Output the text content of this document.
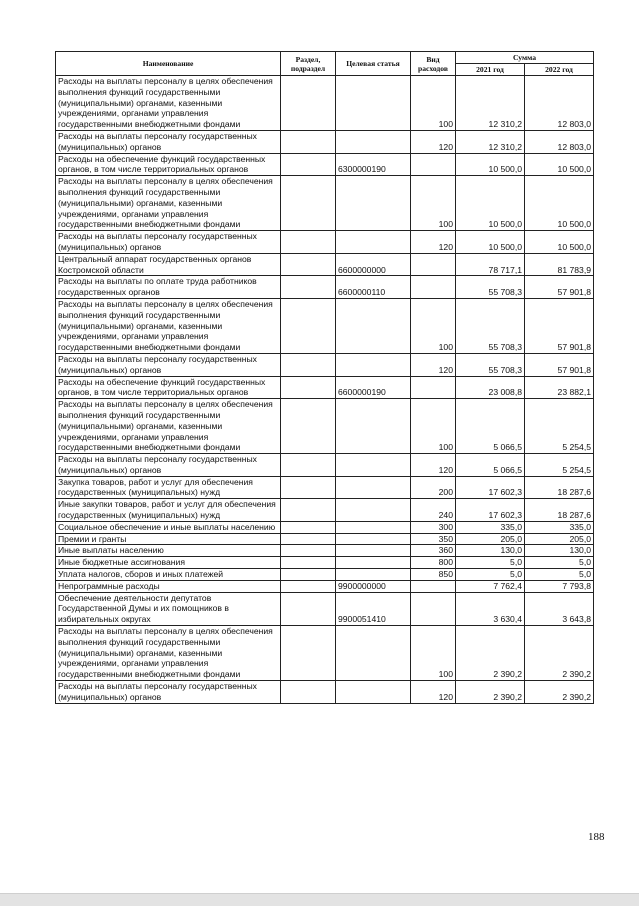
Наименование	Раздел, подраздел	Целевая статья	Вид расходов	Сумма	
				2021 год	2022 год
Расходы на выплаты персоналу в целях обеспечения выполнения функций государственными (муниципальными) органами, казенными учреждениями, органами управления государственными внебюджетными фондами			100	12 310,2	12 803,0
Расходы на выплаты персоналу государственных (муниципальных) органов			120	12 310,2	12 803,0
Расходы на обеспечение функций государственных органов, в том числе территориальных органов		6300000190		10 500,0	10 500,0
Расходы на выплаты персоналу в целях обеспечения выполнения функций государственными (муниципальными) органами, казенными учреждениями, органами управления государственными внебюджетными фондами			100	10 500,0	10 500,0
Расходы на выплаты персоналу государственных (муниципальных) органов			120	10 500,0	10 500,0
Центральный аппарат государственных органов Костромской области		6600000000		78 717,1	81 783,9
Расходы на выплаты по оплате труда работников государственных органов		6600000110		55 708,3	57 901,8
Расходы на выплаты персоналу в целях обеспечения выполнения функций государственными (муниципальными) органами, казенными учреждениями, органами управления государственными внебюджетными фондами			100	55 708,3	57 901,8
Расходы на выплаты персоналу государственных (муниципальных) органов			120	55 708,3	57 901,8
Расходы на обеспечение функций государственных органов, в том числе территориальных органов		6600000190		23 008,8	23 882,1
Расходы на выплаты персоналу в целях обеспечения выполнения функций государственными (муниципальными) органами, казенными учреждениями, органами управления государственными внебюджетными фондами			100	5 066,5	5 254,5
Расходы на выплаты персоналу государственных (муниципальных) органов			120	5 066,5	5 254,5
Закупка товаров, работ и услуг для обеспечения государственных (муниципальных) нужд			200	17 602,3	18 287,6
Иные закупки товаров, работ и услуг для обеспечения государственных (муниципальных) нужд			240	17 602,3	18 287,6
Социальное обеспечение и иные выплаты населению			300	335,0	335,0
Премии и гранты			350	205,0	205,0
Иные выплаты населению			360	130,0	130,0
Иные бюджетные ассигнования			800	5,0	5,0
Уплата налогов, сборов и иных платежей			850	5,0	5,0
Непрограммные расходы		9900000000		7 762,4	7 793,8
Обеспечение деятельности депутатов Государственной Думы и их помощников в избирательных округах		9900051410		3 630,4	3 643,8
Расходы на выплаты персоналу в целях обеспечения выполнения функций государственными (муниципальными) органами, казенными учреждениями, органами управления государственными внебюджетными фондами			100	2 390,2	2 390,2
Расходы на выплаты персоналу государственных (муниципальных) органов			120	2 390,2	2 390,2
188
